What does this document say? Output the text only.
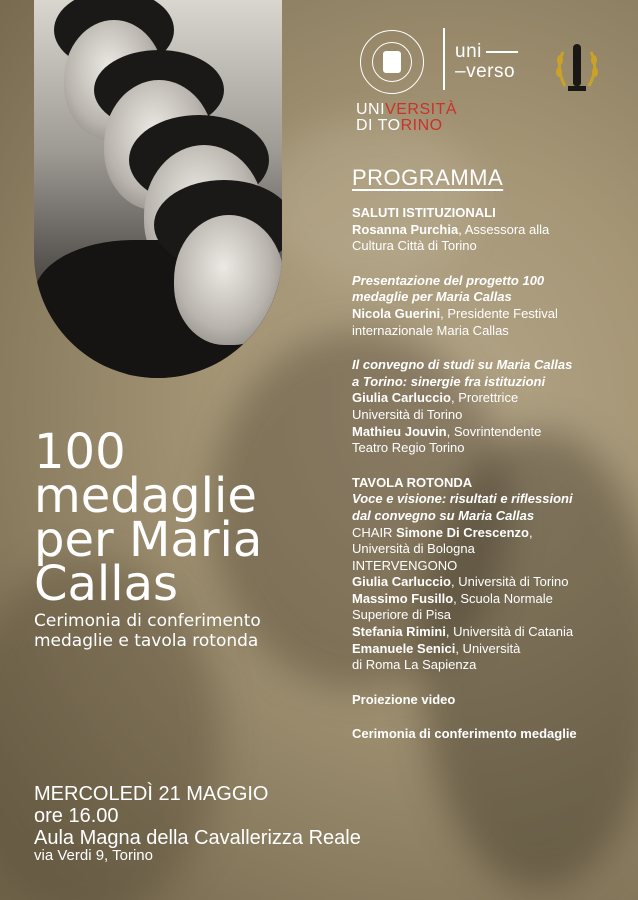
UNIVERSITÀ
DI TORINO
uni
–verso
100
medaglie
per Maria
Callas
Cerimonia di conferimento
medaglie e tavola rotonda
MERCOLEDÌ 21 MAGGIO
ore 16.00
Aula Magna della Cavallerizza Reale
via Verdi 9, Torino
PROGRAMMA
SALUTI ISTITUZIONALI
Rosanna Purchia, Assessora alla
Cultura Città di Torino
Presentazione del progetto 100
medaglie per Maria Callas
Nicola Guerini, Presidente Festival
internazionale Maria Callas
Il convegno di studi su Maria Callas
a Torino: sinergie fra istituzioni
Giulia Carluccio, Prorettrice
Università di Torino
Mathieu Jouvin, Sovrintendente
Teatro Regio Torino
TAVOLA ROTONDA
Voce e visione: risultati e riflessioni
dal convegno su Maria Callas
CHAIR Simone Di Crescenzo,
Università di Bologna
INTERVENGONO
Giulia Carluccio, Università di Torino
Massimo Fusillo, Scuola Normale
Superiore di Pisa
Stefania Rimini, Università di Catania
Emanuele Senici, Università
di Roma La Sapienza
Proiezione video
Cerimonia di conferimento medaglie
